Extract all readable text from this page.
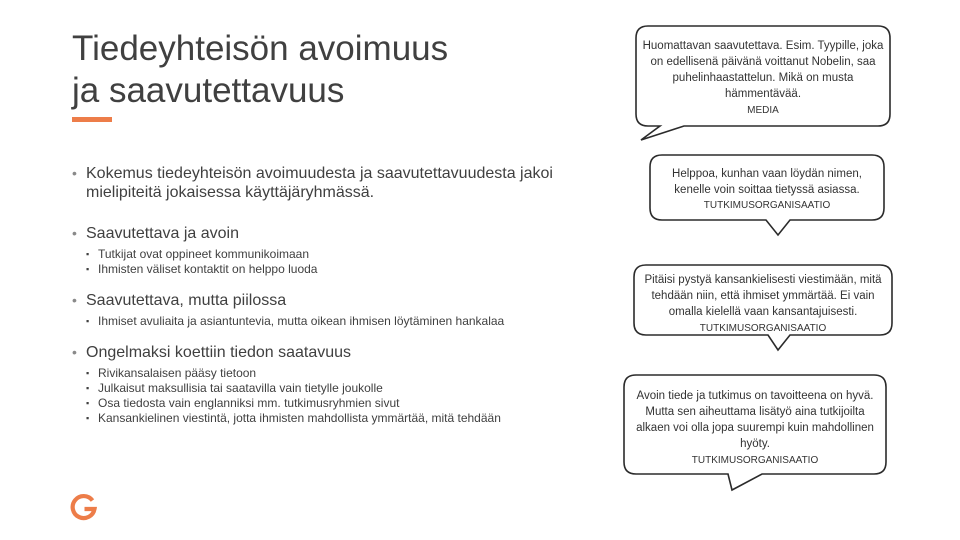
Tiedeyhteisön avoimuus
ja saavutettavuus
• Kokemus tiedeyhteisön avoimuudesta ja saavutettavuudesta jakoi mielipiteitä jokaisessa käyttäjäryhmässä.
• Saavutettava ja avoin
▪ Tutkijat ovat oppineet kommunikoimaan
▪ Ihmisten väliset kontaktit on helppo luoda
• Saavutettava, mutta piilossa
▪ Ihmiset avuliaita ja asiantuntevia, mutta oikean ihmisen löytäminen hankalaa
• Ongelmaksi koettiin tiedon saatavuus
▪ Rivikansalaisen pääsy tietoon
▪ Julkaisut maksullisia tai saatavilla vain tietylle joukolle
▪ Osa tiedosta vain englanniksi mm. tutkimusryhmien sivut
▪ Kansankielinen viestintä, jotta ihmisten mahdollista ymmärtää, mitä tehdään
Huomattavan saavutettava. Esim. Tyypille, joka on edellisenä päivänä voittanut Nobelin, saa puhelinhaastattelun. Mikä on musta hämmentävää.
MEDIA
Helppoa, kunhan vaan löydän nimen, kenelle voin soittaa tietyssä asiassa.
TUTKIMUSORGANISAATIO
Pitäisi pystyä kansankielisesti viestimään, mitä tehdään niin, että ihmiset ymmärtää. Ei vain omalla kielellä vaan kansantajuisesti.
TUTKIMUSORGANISAATIO
Avoin tiede ja tutkimus on tavoitteena on hyvä. Mutta sen aiheuttama lisätyö aina tutkijoilta alkaen voi olla jopa suurempi kuin mahdollinen hyöty.
TUTKIMUSORGANISAATIO
